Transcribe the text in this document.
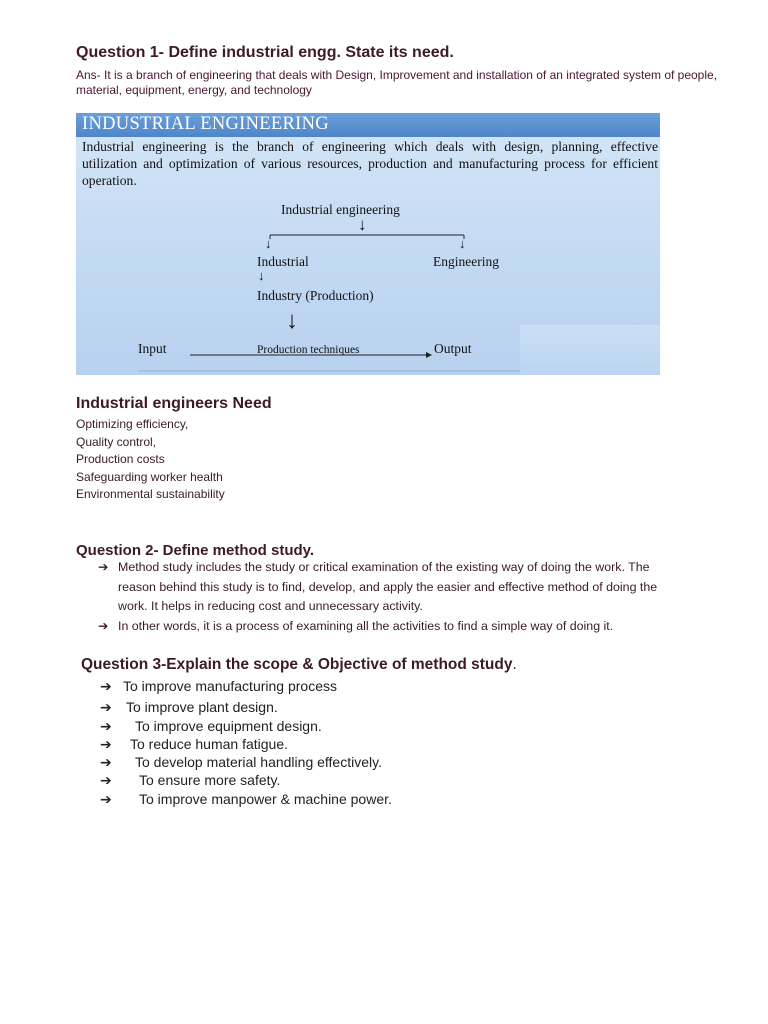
Question 1- Define industrial engg. State its need.
Ans- It is a branch of engineering that deals with Design, Improvement and installation of an integrated system of people, material, equipment, energy, and technology
INDUSTRIAL ENGINEERING
Industrial engineering is the branch of engineering which deals with design, planning, effective utilization and optimization of various resources, production and manufacturing process for efficient operation.
Industrial engineering
↓
↓	↓
Industrial	Engineering
↓
Industry (Production)
↓
Input	Production techniques	Output
Industrial engineers Need
Optimizing efficiency,
Quality control,
Production costs
Safeguarding worker health
Environmental sustainability
Question 2- Define method study.
➔ Method study includes the study or critical examination of the existing way of doing the work. The reason behind this study is to find, develop, and apply the easier and effective method of doing the work. It helps in reducing cost and unnecessary activity.
➔ In other words, it is a process of examining all the activities to find a simple way of doing it.
Question 3-Explain the scope & Objective of method study.
➔ To improve manufacturing process
➔ To improve plant design.
➔ To improve equipment design.
➔ To reduce human fatigue.
➔ To develop material handling effectively.
➔ To ensure more safety.
➔ To improve manpower & machine power.
